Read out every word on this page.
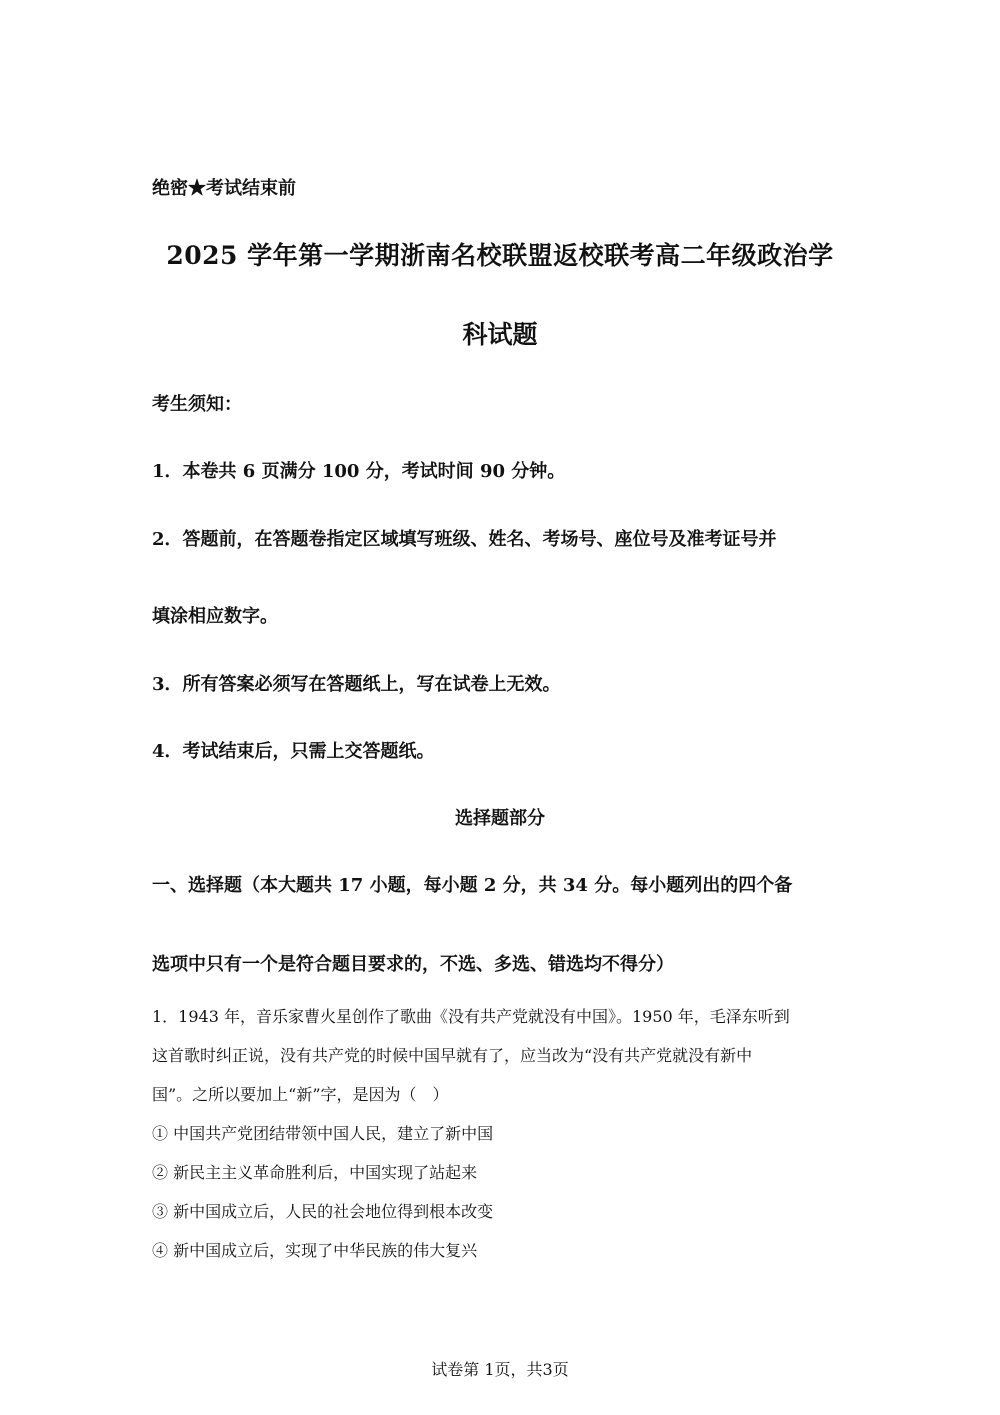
绝密★考试结束前
2025 学年第一学期浙南名校联盟返校联考高二年级政治学
科试题
考生须知：
1．本卷共 6 页满分 100 分，考试时间 90 分钟。
2．答题前，在答题卷指定区域填写班级、姓名、考场号、座位号及准考证号并
填涂相应数字。
3．所有答案必须写在答题纸上，写在试卷上无效。
4．考试结束后，只需上交答题纸。
选择题部分
一、选择题（本大题共 17 小题，每小题 2 分，共 34 分。每小题列出的四个备
选项中只有一个是符合题目要求的，不选、多选、错选均不得分）
1．1943 年，音乐家曹火星创作了歌曲《没有共产党就没有中国》。1950 年，毛泽东听到
这首歌时纠正说，没有共产党的时候中国早就有了，应当改为“没有共产党就没有新中
国”。之所以要加上“新”字，是因为（　）
① 中国共产党团结带领中国人民，建立了新中国
② 新民主主义革命胜利后，中国实现了站起来
③ 新中国成立后，人民的社会地位得到根本改变
④ 新中国成立后，实现了中华民族的伟大复兴
试卷第 1页，共3页
